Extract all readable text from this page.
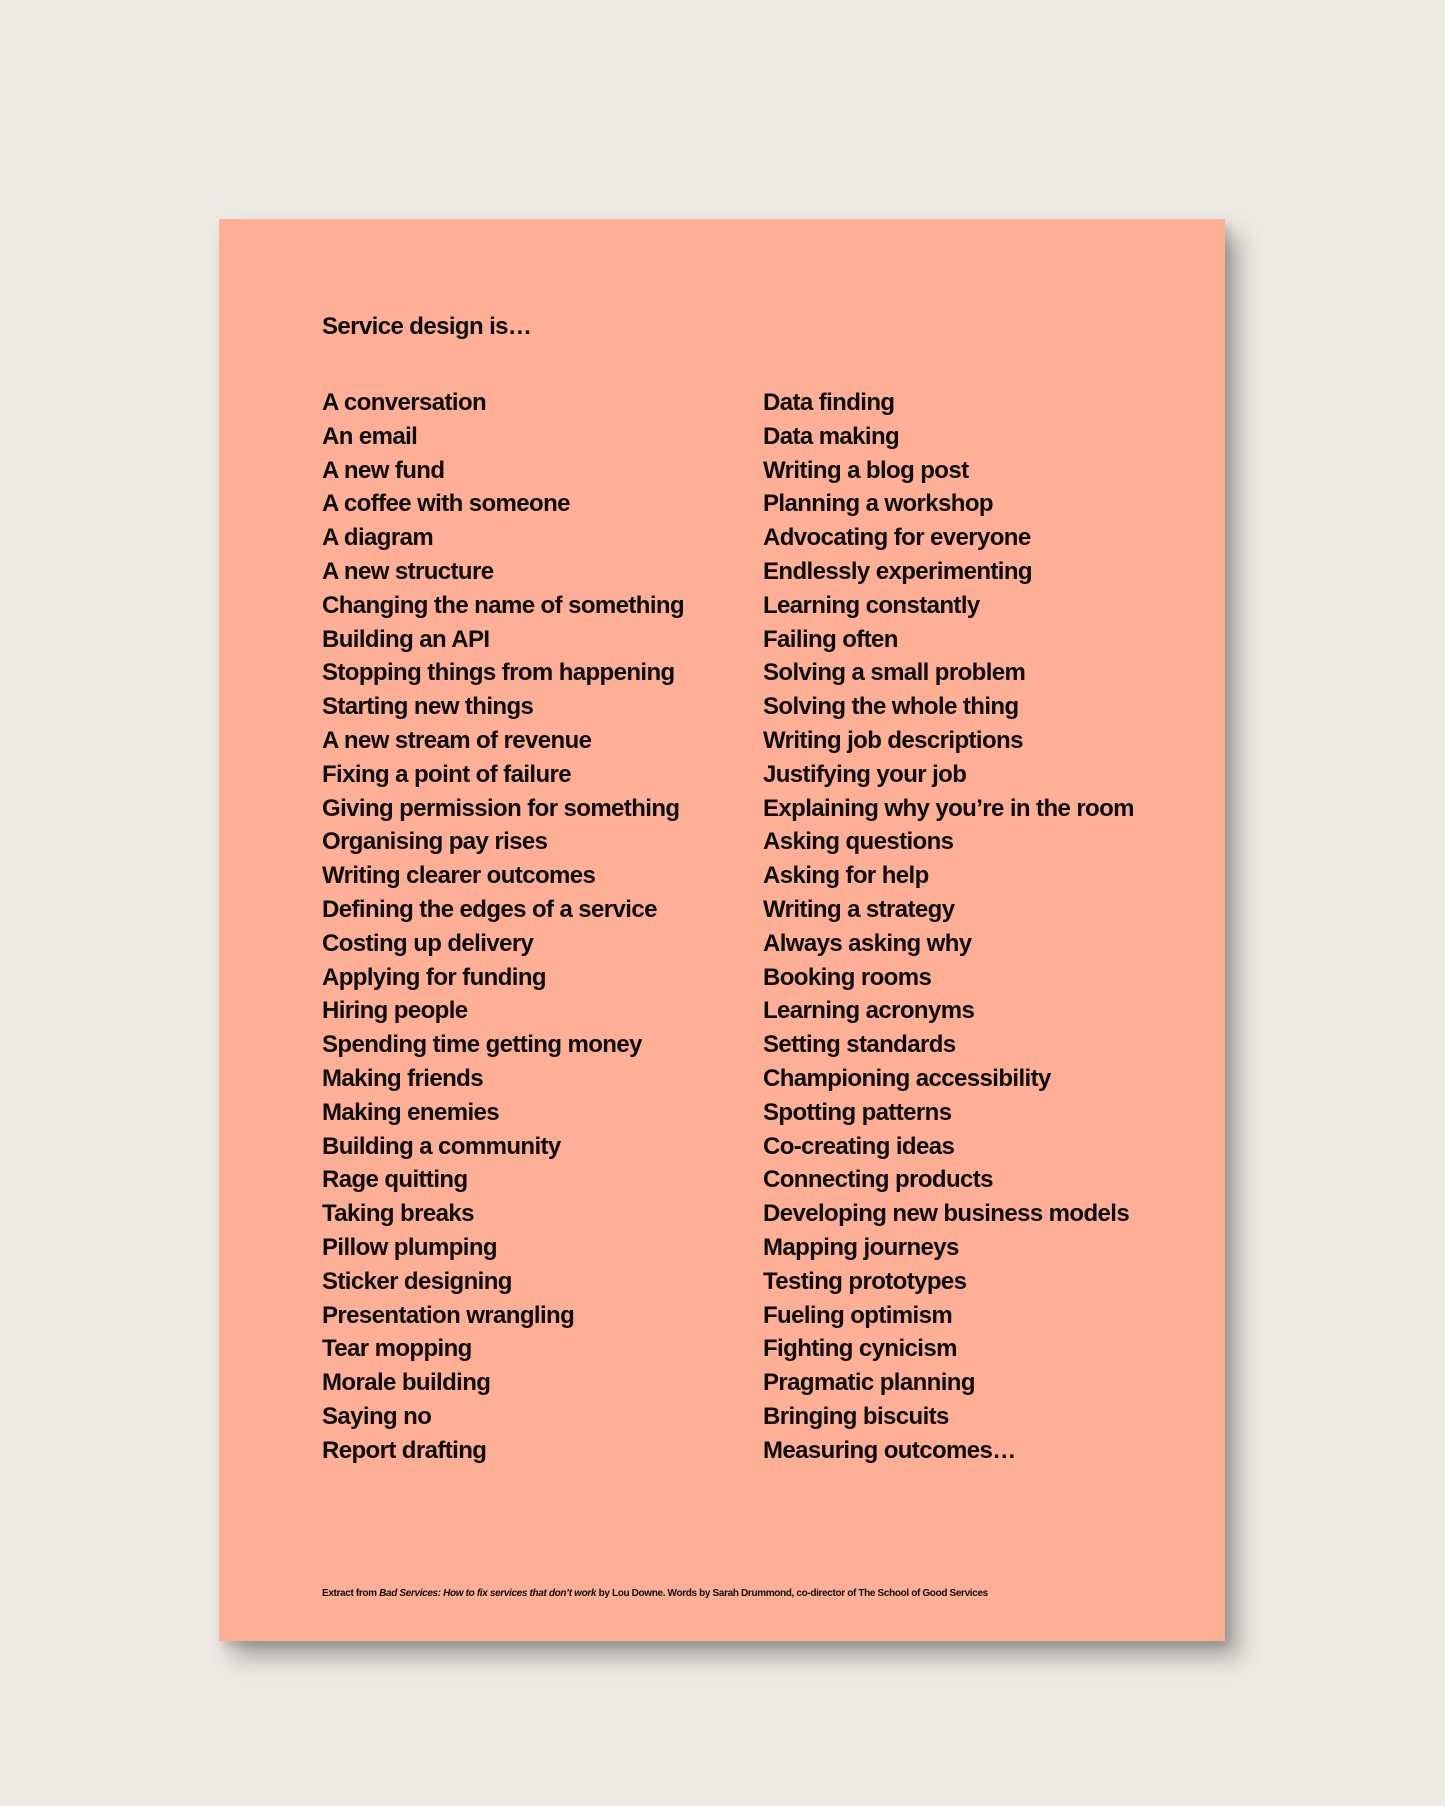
Service design is…
A conversation
An email
A new fund
A coffee with someone
A diagram
A new structure
Changing the name of something
Building an API
Stopping things from happening
Starting new things
A new stream of revenue
Fixing a point of failure
Giving permission for something
Organising pay rises
Writing clearer outcomes
Defining the edges of a service
Costing up delivery
Applying for funding
Hiring people
Spending time getting money
Making friends
Making enemies
Building a community
Rage quitting
Taking breaks
Pillow plumping
Sticker designing
Presentation wrangling
Tear mopping
Morale building
Saying no
Report drafting
Data finding
Data making
Writing a blog post
Planning a workshop
Advocating for everyone
Endlessly experimenting
Learning constantly
Failing often
Solving a small problem
Solving the whole thing
Writing job descriptions
Justifying your job
Explaining why you’re in the room
Asking questions
Asking for help
Writing a strategy
Always asking why
Booking rooms
Learning acronyms
Setting standards
Championing accessibility
Spotting patterns
Co-creating ideas
Connecting products
Developing new business models
Mapping journeys
Testing prototypes
Fueling optimism
Fighting cynicism
Pragmatic planning
Bringing biscuits
Measuring outcomes…

Extract from Bad Services: How to fix services that don’t work by Lou Downe. Words by Sarah Drummond, co-director of The School of Good Services
